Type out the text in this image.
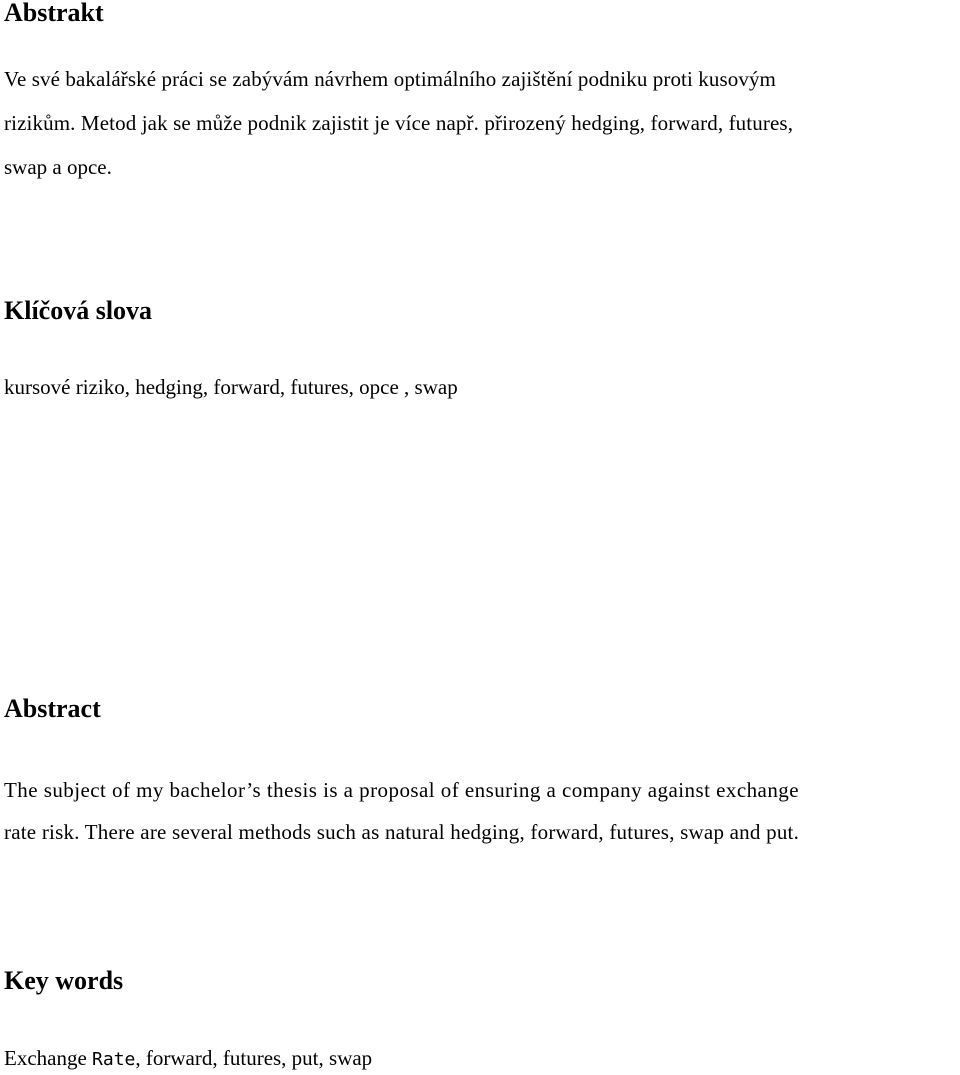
Abstrakt

Ve své bakalářské práci se zabývám návrhem optimálního zajištění podniku proti kusovým
rizikům. Metod jak se může podnik zajistit je více např. přirozený hedging, forward, futures,
swap a opce.

Klíčová slova

kursové riziko, hedging, forward, futures, opce , swap

Abstract

The subject of my bachelor’s thesis is a proposal of ensuring a company against exchange
rate risk. There are several methods such as natural hedging, forward, futures, swap and put.

Key words

Exchange Rate, forward, futures, put, swap
